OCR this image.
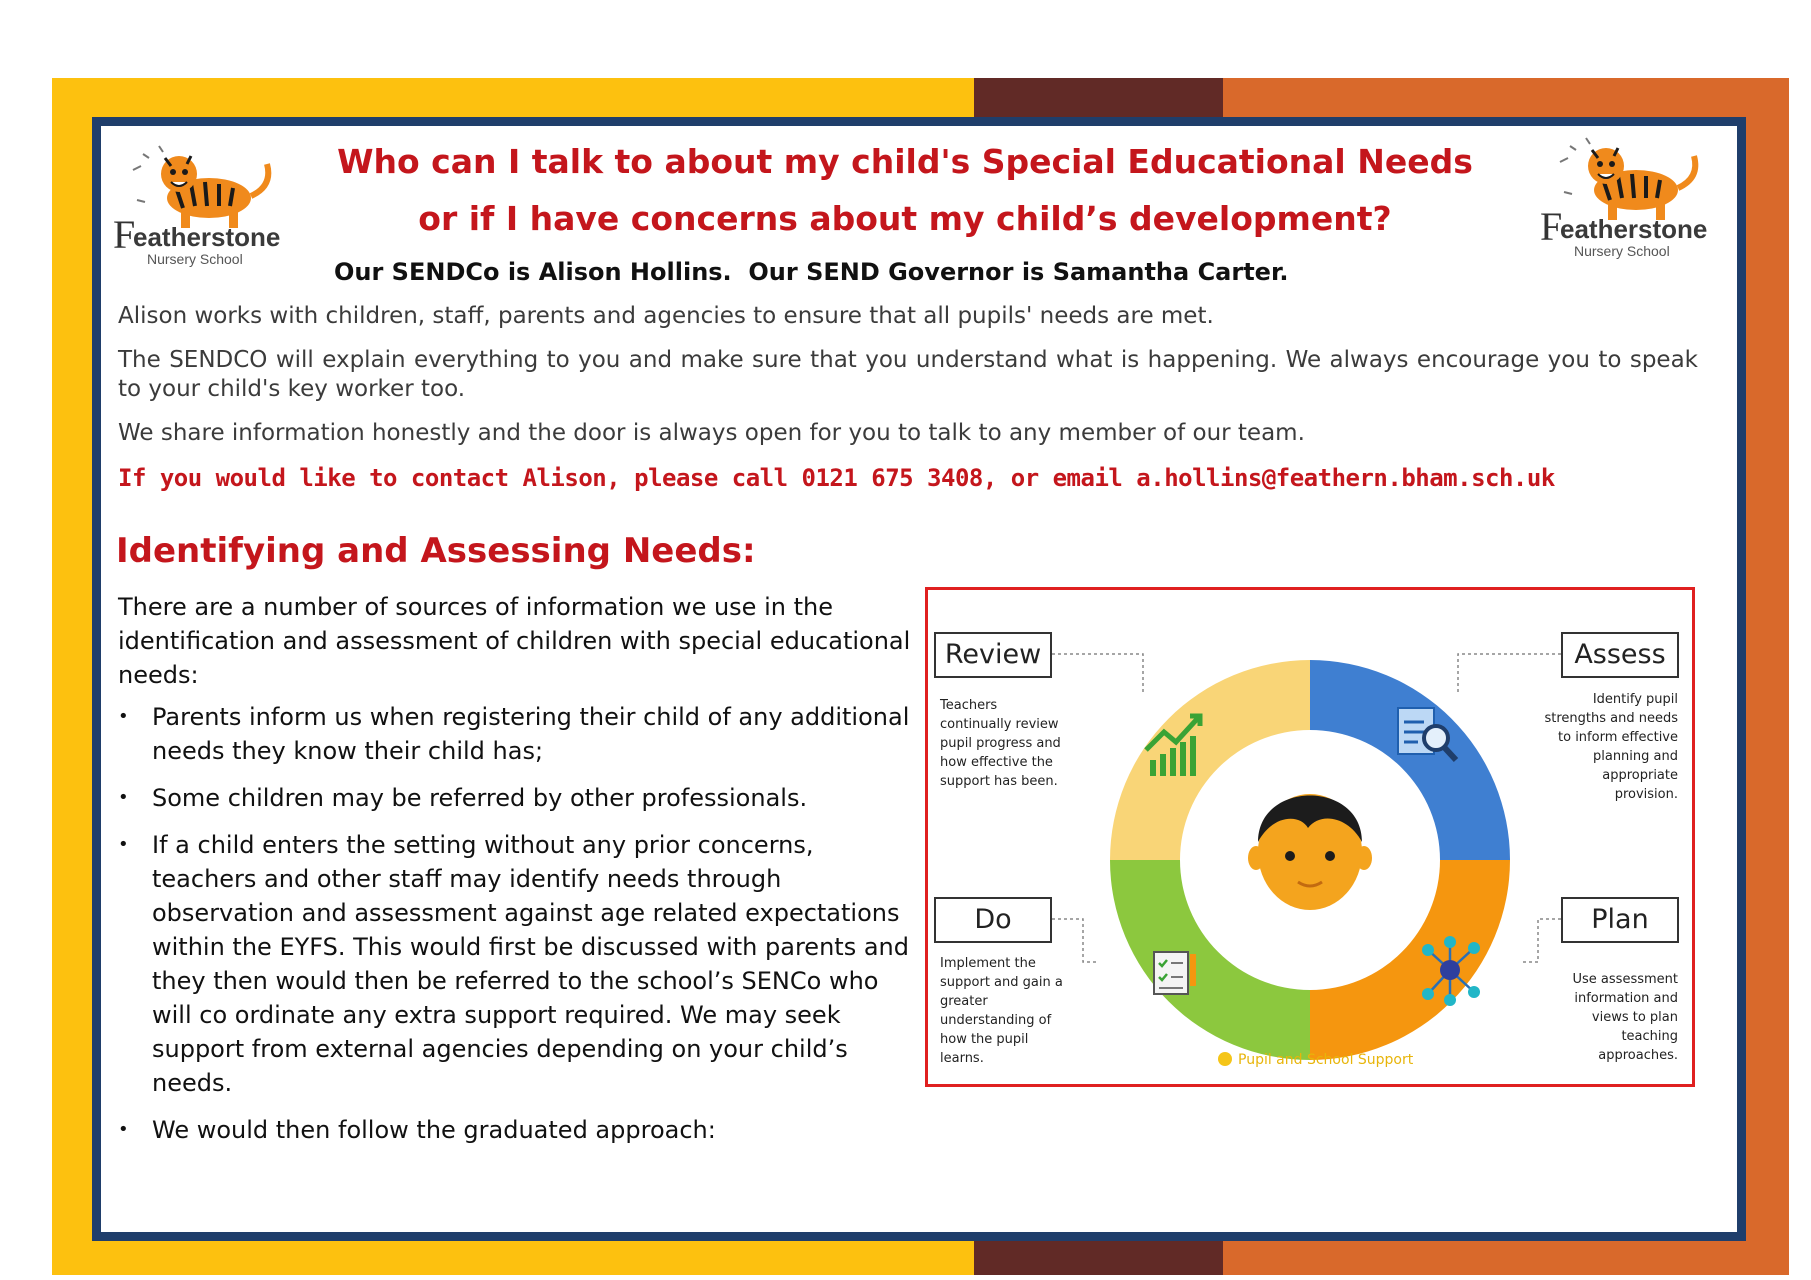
F
eatherstone
Nursery School
F
eatherstone
Nursery School
Who can I talk to about my child's Special Educational Needs
or if I have concerns about my child’s development?
Our SENDCo is Alison Hollins.  Our SEND Governor is Samantha Carter.

Alison works with children, staff, parents and agencies to ensure that all pupils' needs are met.

The SENDCO will explain everything to you and make sure that you understand what is happening. We always encourage you to speak to your child's key worker too.

We share information honestly and the door is always open for you to talk to any member of our team.

If you would like to contact Alison, please call 0121 675 3408, or email a.hollins@feathern.bham.sch.uk
Identifying and Assessing Needs:

There are a number of sources of information we use in the identification and assessment of children with special educational needs:

• Parents inform us when registering their child of any additional needs they know their child has;
• Some children may be referred by other professionals.
• If a child enters the setting without any prior concerns, teachers and other staff may identify needs through observation and assessment against age related expectations within the EYFS. This would first be discussed with parents and they then would then be referred to the school’s SENCo who will co ordinate any extra support required. We may seek support from external agencies depending on your child’s needs.
• We would then follow the graduated approach:
Review

Teachers continually review pupil progress and how effective the support has been.

Assess

Identify pupil strengths and needs to inform effective planning and appropriate provision.

Do

Implement the support and gain a greater understanding of how the pupil learns.

Plan

Use assessment information and views to plan teaching approaches.

Pupil and School Support
